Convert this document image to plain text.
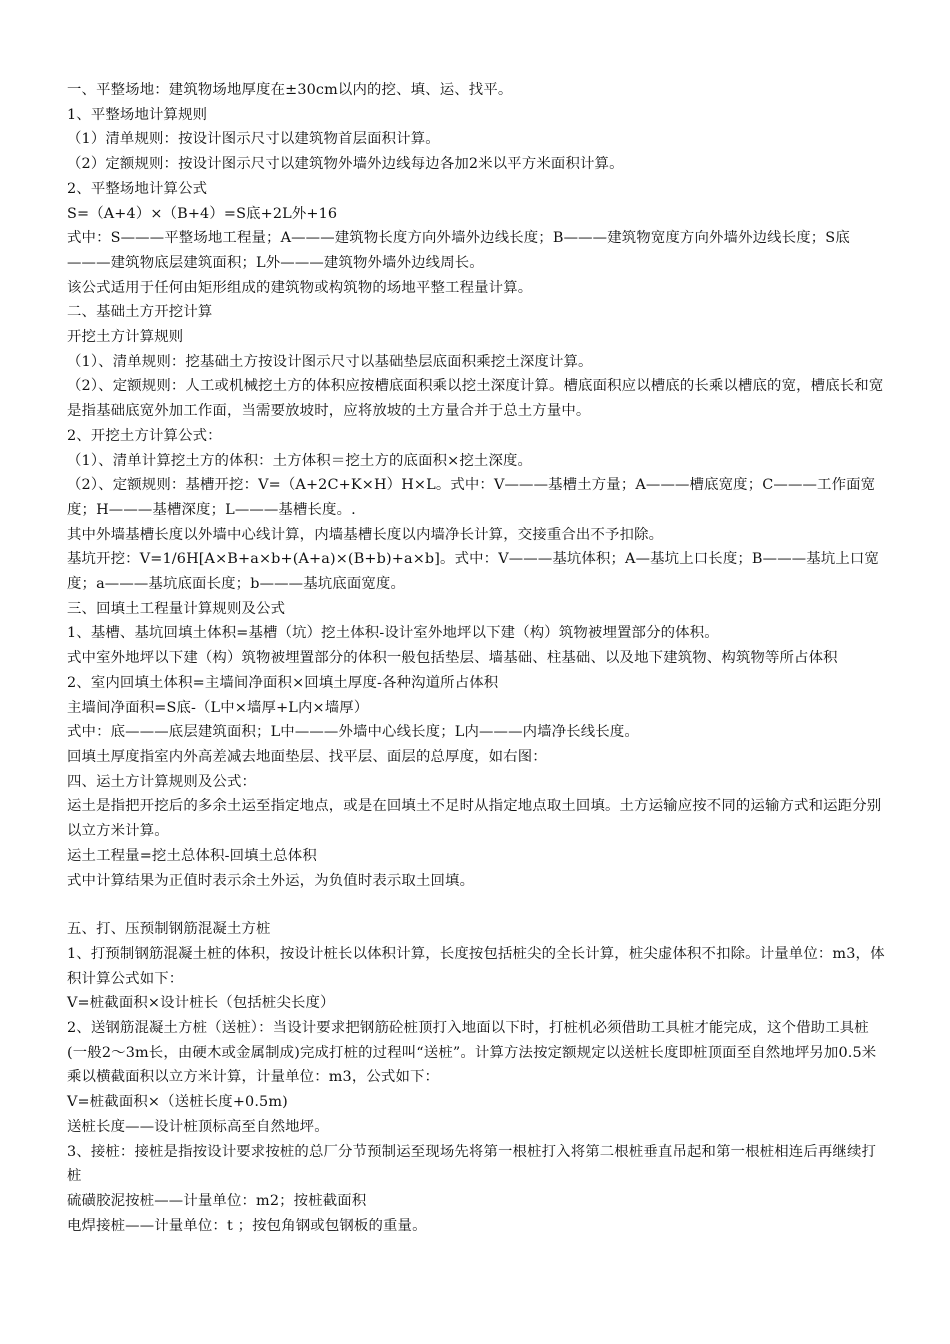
一、平整场地：建筑物场地厚度在±30cm以内的挖、填、运、找平。

1、平整场地计算规则

（1）清单规则：按设计图示尺寸以建筑物首层面积计算。

（2）定额规则：按设计图示尺寸以建筑物外墙外边线每边各加2米以平方米面积计算。

2、平整场地计算公式

S=（A+4）×（B+4）=S底+2L外+16

式中：S———平整场地工程量；A———建筑物长度方向外墙外边线长度；B———建筑物宽度方向外墙外边线长度；S底———建筑物底层建筑面积；L外———建筑物外墙外边线周长。

该公式适用于任何由矩形组成的建筑物或构筑物的场地平整工程量计算。

二、基础土方开挖计算

开挖土方计算规则

（1）、清单规则：挖基础土方按设计图示尺寸以基础垫层底面积乘挖土深度计算。

（2）、定额规则：人工或机械挖土方的体积应按槽底面积乘以挖土深度计算。槽底面积应以槽底的长乘以槽底的宽，槽底长和宽是指基础底宽外加工作面，当需要放坡时，应将放坡的土方量合并于总土方量中。

2、开挖土方计算公式：

（1）、清单计算挖土方的体积：土方体积＝挖土方的底面积×挖土深度。

（2）、定额规则：基槽开挖：V=（A+2C+K×H）H×L。式中：V———基槽土方量；A———槽底宽度；C———工作面宽度；H———基槽深度；L———基槽长度。.

其中外墙基槽长度以外墙中心线计算，内墙基槽长度以内墙净长计算，交接重合出不予扣除。

基坑开挖：V=1/6H[A×B+a×b+(A+a)×(B+b)+a×b]。式中：V———基坑体积；A—基坑上口长度；B———基坑上口宽度；a———基坑底面长度；b———基坑底面宽度。

三、回填土工程量计算规则及公式

1、基槽、基坑回填土体积=基槽（坑）挖土体积-设计室外地坪以下建（构）筑物被埋置部分的体积。

式中室外地坪以下建（构）筑物被埋置部分的体积一般包括垫层、墙基础、柱基础、以及地下建筑物、构筑物等所占体积

2、室内回填土体积=主墙间净面积×回填土厚度-各种沟道所占体积

主墙间净面积=S底-（L中×墙厚+L内×墙厚）

式中：底———底层建筑面积；L中———外墙中心线长度；L内———内墙净长线长度。

回填土厚度指室内外高差减去地面垫层、找平层、面层的总厚度，如右图：

四、运土方计算规则及公式：

运土是指把开挖后的多余土运至指定地点，或是在回填土不足时从指定地点取土回填。土方运输应按不同的运输方式和运距分别以立方米计算。

运土工程量=挖土总体积-回填土总体积

式中计算结果为正值时表示余土外运，为负值时表示取土回填。

五、打、压预制钢筋混凝土方桩

1、打预制钢筋混凝土桩的体积，按设计桩长以体积计算，长度按包括桩尖的全长计算，桩尖虚体积不扣除。计量单位：m3，体积计算公式如下：

V=桩截面积×设计桩长（包括桩尖长度）

2、送钢筋混凝土方桩（送桩）：当设计要求把钢筋砼桩顶打入地面以下时，打桩机必须借助工具桩才能完成，这个借助工具桩(一般2～3m长，由硬木或金属制成)完成打桩的过程叫“送桩”。计算方法按定额规定以送桩长度即桩顶面至自然地坪另加0.5米乘以横截面积以立方米计算，计量单位：m3，公式如下：

V=桩截面积×（送桩长度+0.5m)

送桩长度——设计桩顶标高至自然地坪。

3、接桩：接桩是指按设计要求按桩的总厂分节预制运至现场先将第一根桩打入将第二根桩垂直吊起和第一根桩相连后再继续打桩

硫磺胶泥按桩——计量单位：m2；按桩截面积

电焊接桩——计量单位：t ；按包角钢或包钢板的重量。
